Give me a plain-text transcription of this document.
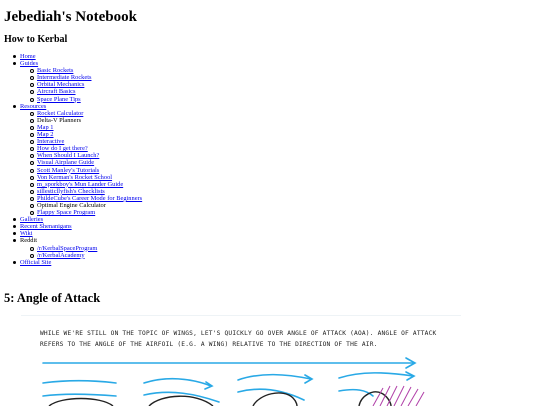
Jebediah's Notebook
How to Kerbal
Home
Guides
Basic Rockets
Intermediate Rockets
Orbital Mechanics
Aircraft Basics
Space Plane Tips
Resources
Rocket Calculator
Delta-V Planners
Map 1
Map 2
Interactive
How do I get there?
When Should I Launch?
Visual Airplane Guide
Scott Manley's Tutorials
Von Kerman's Rocket School
m_sporkboy's Mun Lander Guide
sillesticllyfish's Checklists
PhildeCube's Career Mode for Beginners
Optimal Engine Calculator
Flappy Space Program
Galleries
Recent Shenanigans
Wiki
Reddit
/r/KerbalSpaceProgram
/r/KerbalAcademy
Official Site
5: Angle of Attack

WHILE WE'RE STILL ON THE TOPIC OF WINGS, LET'S QUICKLY GO OVER ANGLE OF ATTACK (AOA). ANGLE OF ATTACK REFERS TO THE ANGLE OF THE AIRFOIL (E.G. A WING) RELATIVE TO THE DIRECTION OF THE AIR.
